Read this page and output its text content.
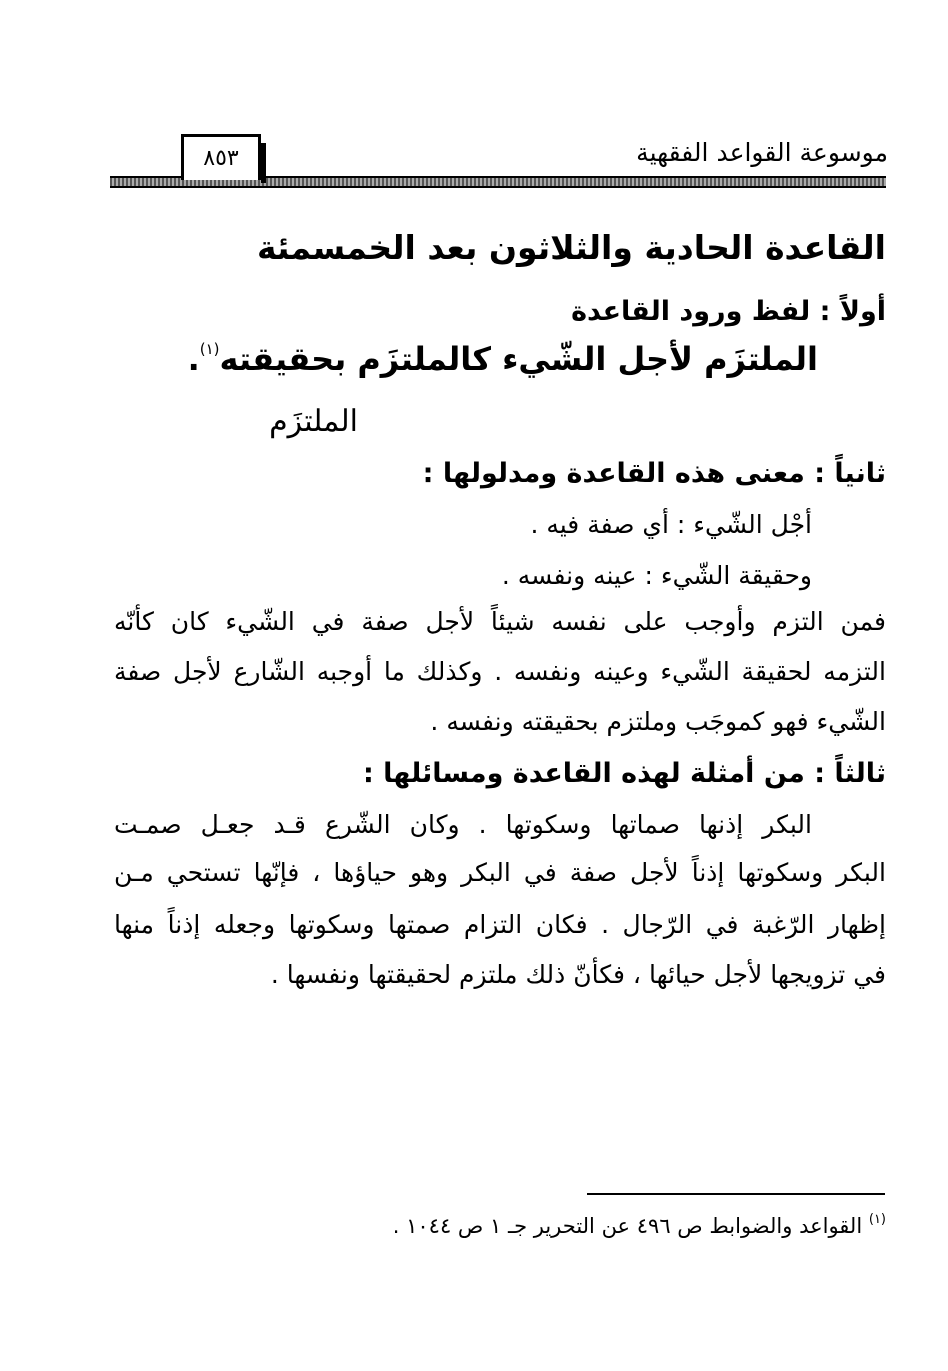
٨٥٣	موسوعة القواعد الفقهية
القاعدة الحادية والثلاثون بعد الخمسمئة
أولاً : لفظ ورود القاعدة
الملتزَم لأجل الشّيء كالملتزَم بحقيقته$^{(١)}$.
الملتزَم
ثانياً : معنى هذه القاعدة ومدلولها :
أجْل الشّيء : أي صفة فيه .
وحقيقة الشّيء : عينه ونفسه .
فمن التزم وأوجب على نفسه شيئاً لأجل صفة في الشّيء كان كأنّه
التزمه لحقيقة الشّيء وعينه ونفسه . وكذلك ما أوجبه الشّارع لأجل صفة
الشّيء فهو كموجَب وملتزم بحقيقته ونفسه .
ثالثاً : من أمثلة لهذه القاعدة ومسائلها :
البكر إذنها صماتها وسكوتها . وكان الشّرع قـد جعـل صمـت
البكر وسكوتها إذناً لأجل صفة في البكر وهو حياؤها ، فإنّها تستحي مـن
إظهار الرّغبة في الرّجال . فكان التزام صمتها وسكوتها وجعله إذناً منها
في تزويجها لأجل حيائها ، فكأنّ ذلك ملتزم لحقيقتها ونفسها .
$^{(١)}$ القواعد والضوابط ص ٤٩٦ عن التحرير جـ ١ ص ١٠٤٤ .
